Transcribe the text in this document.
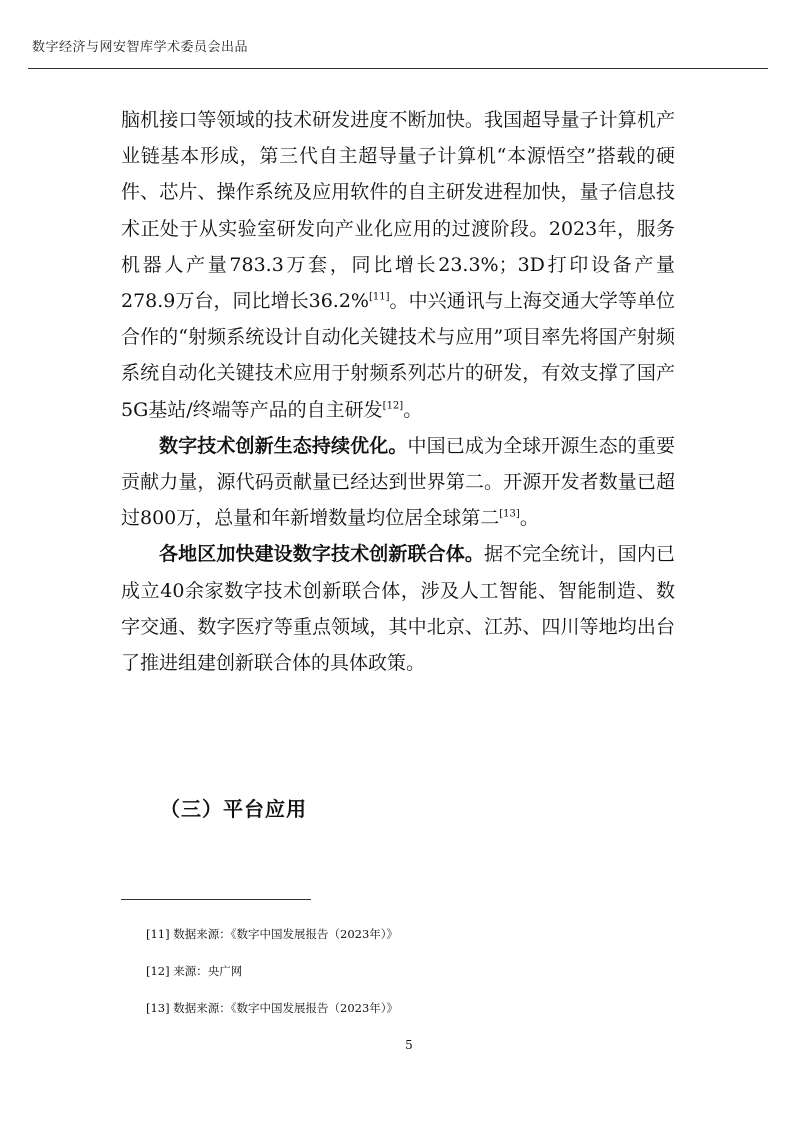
数字经济与网安智库学术委员会出品

脑机接口等领域的技术研发进度不断加快。我国超导量子计算机产业链基本形成，第三代自主超导量子计算机“本源悟空”搭载的硬件、芯片、操作系统及应用软件的自主研发进程加快，量子信息技术正处于从实验室研发向产业化应用的过渡阶段。2023年，服务机器人产量783.3万套，同比增长23.3%；3D打印设备产量278.9万台，同比增长36.2%[11]。中兴通讯与上海交通大学等单位合作的“射频系统设计自动化关键技术与应用”项目率先将国产射频系统自动化关键技术应用于射频系列芯片的研发，有效支撑了国产5G基站/终端等产品的自主研发[12]。

数字技术创新生态持续优化。中国已成为全球开源生态的重要贡献力量，源代码贡献量已经达到世界第二。开源开发者数量已超过800万，总量和年新增数量均位居全球第二[13]。

各地区加快建设数字技术创新联合体。据不完全统计，国内已成立40余家数字技术创新联合体，涉及人工智能、智能制造、数字交通、数字医疗等重点领域，其中北京、江苏、四川等地均出台了推进组建创新联合体的具体政策。

（三）平台应用
[11] 数据来源：《数字中国发展报告（2023年）》
[12] 来源：央广网
[13] 数据来源：《数字中国发展报告（2023年）》
5
